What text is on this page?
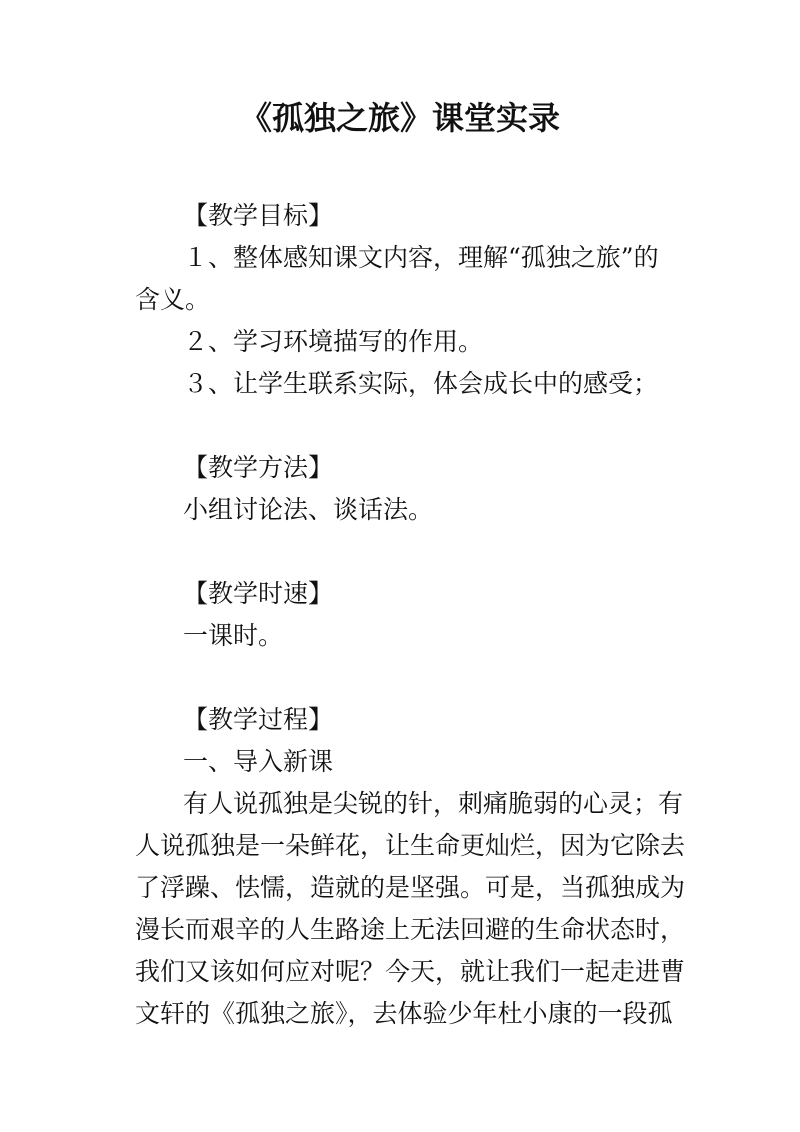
《孤独之旅》课堂实录

【教学目标】

１、整体感知课文内容，理解“孤独之旅”的

含义。

２、学习环境描写的作用。

３、让学生联系实际，体会成长中的感受；

【教学方法】

小组讨论法、谈话法。

【教学时速】

一课时。

【教学过程】

一、导入新课

有人说孤独是尖锐的针，刺痛脆弱的心灵；有

人说孤独是一朵鲜花，让生命更灿烂，因为它除去

了浮躁、怯懦，造就的是坚强。可是，当孤独成为

漫长而艰辛的人生路途上无法回避的生命状态时，

我们又该如何应对呢？今天，就让我们一起走进曹

文轩的《孤独之旅》，去体验少年杜小康的一段孤
